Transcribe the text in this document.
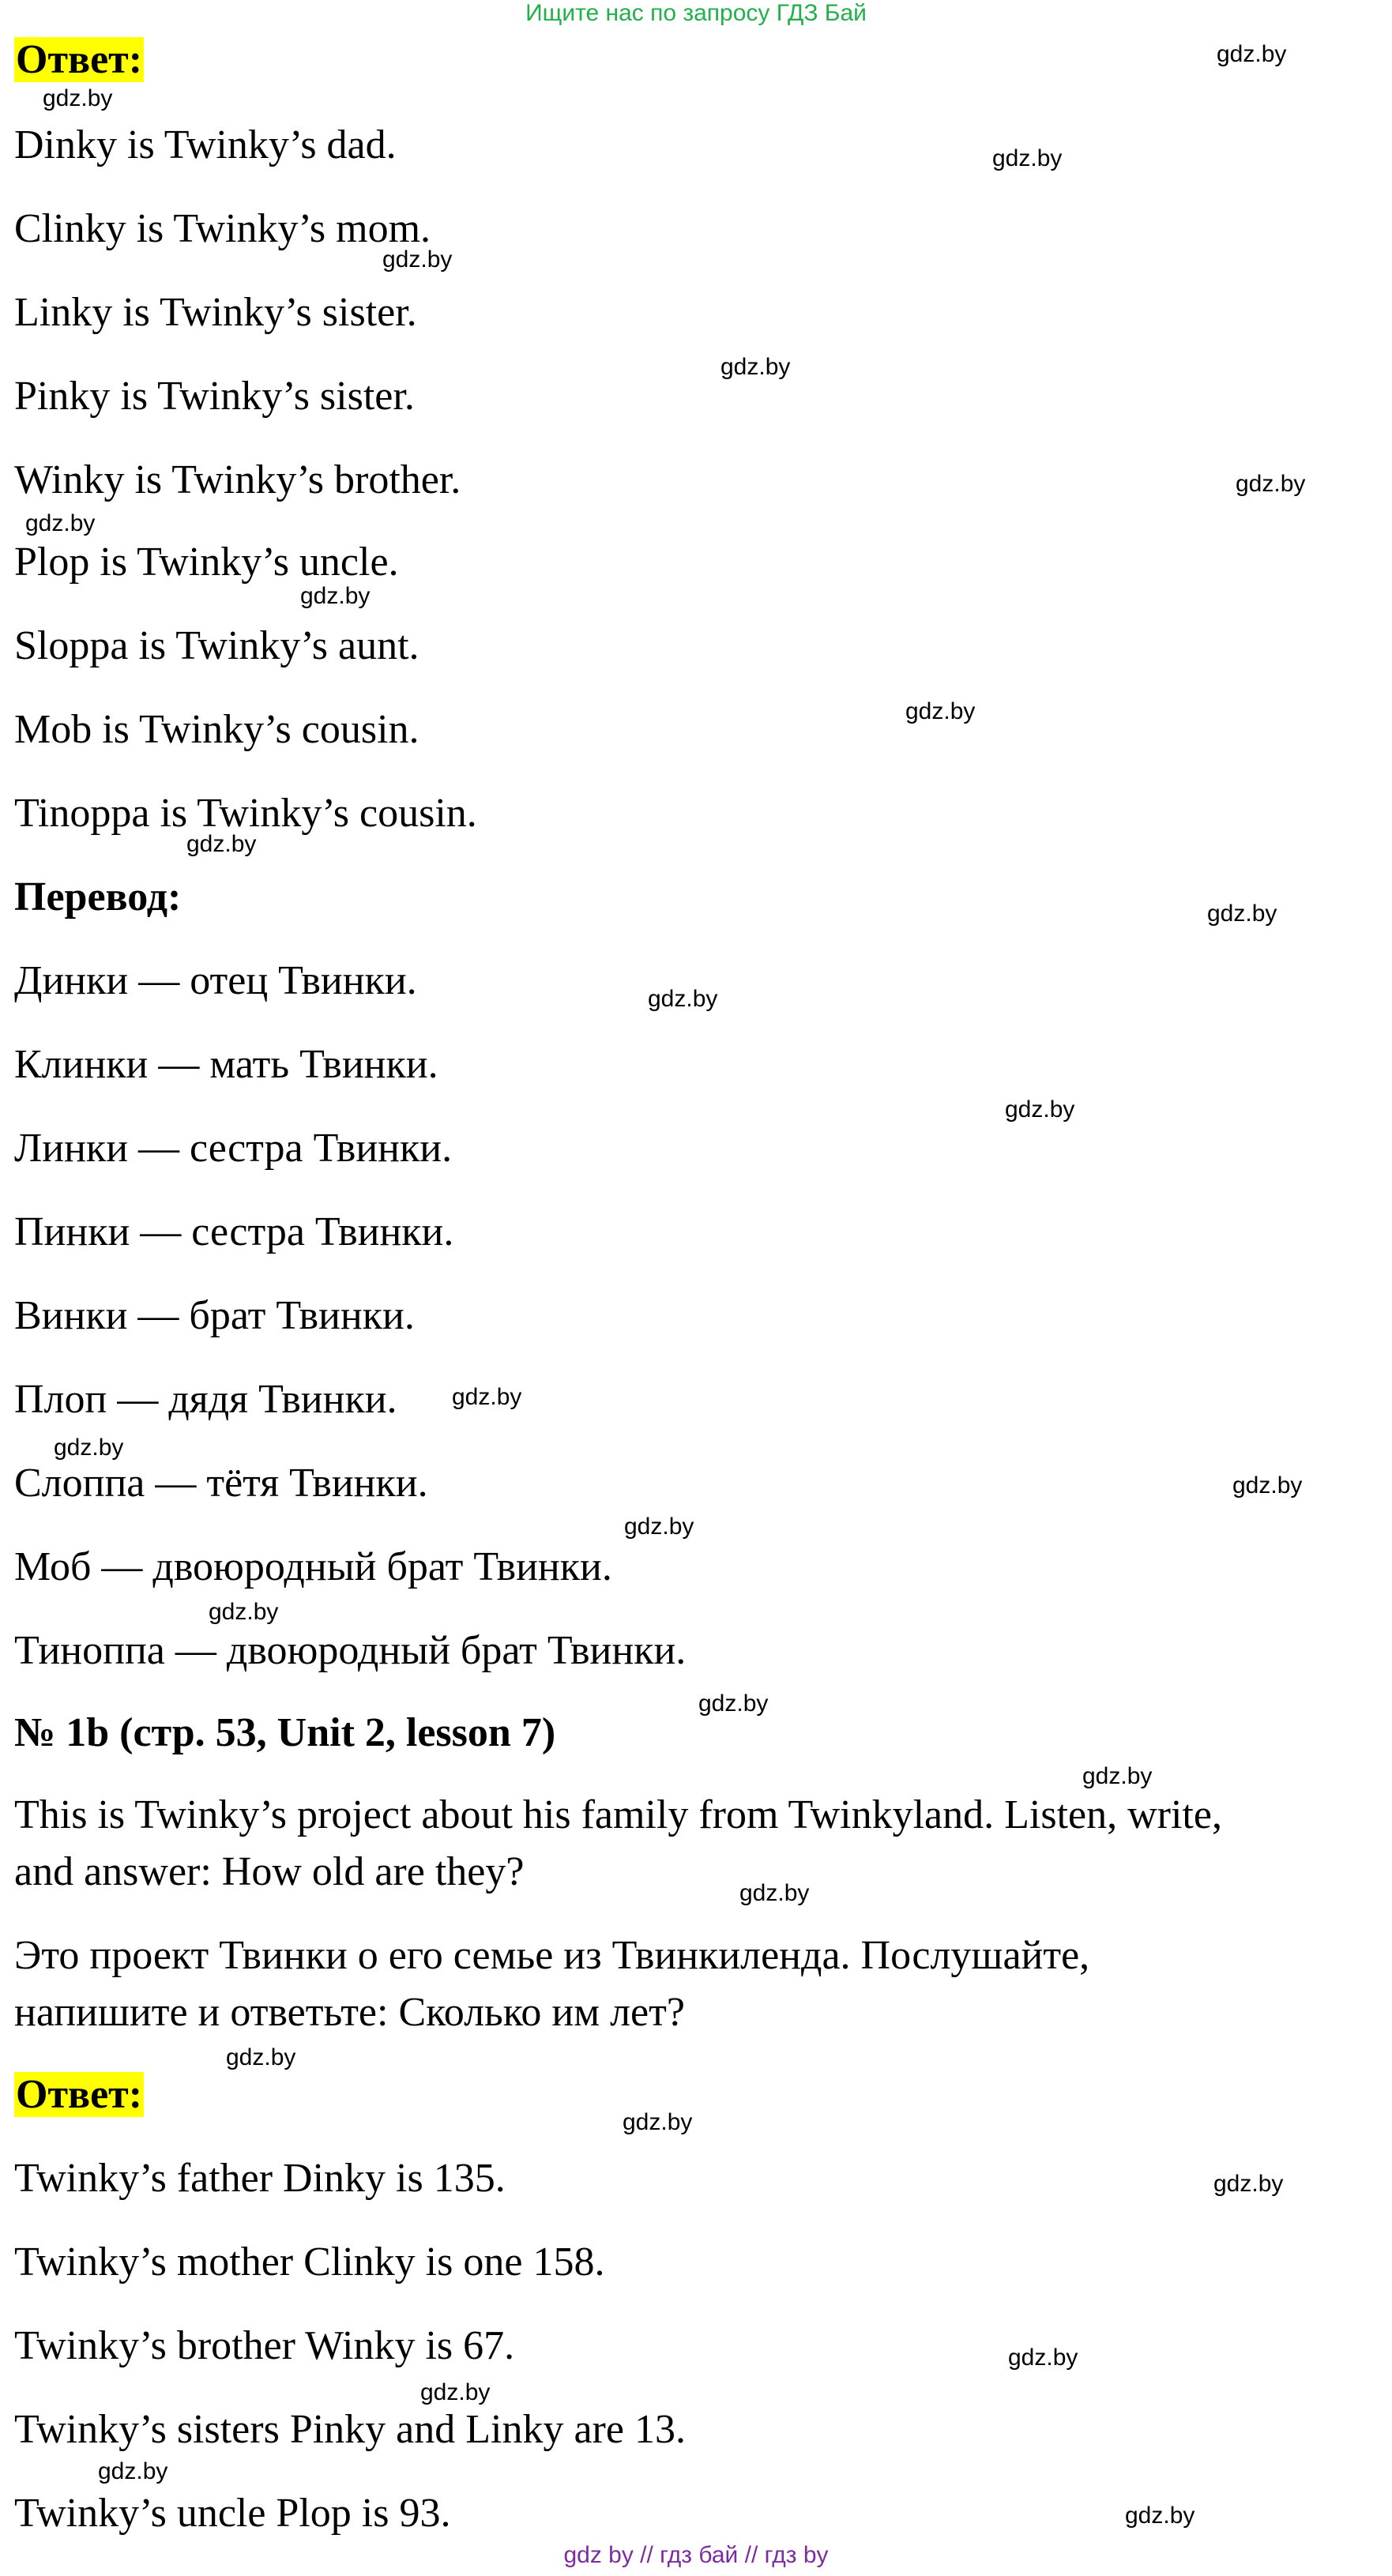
Ищите нас по запросу ГДЗ Бай
Ответ:
Dinky is Twinky’s dad.
Clinky is Twinky’s mom.
Linky is Twinky’s sister.
Pinky is Twinky’s sister.
Winky is Twinky’s brother.
Plop is Twinky’s uncle.
Sloppa is Twinky’s aunt.
Mob is Twinky’s cousin.
Tinoppa is Twinky’s cousin.
Перевод:
Динки — отец Твинки.
Клинки — мать Твинки.
Линки — сестра Твинки.
Пинки — сестра Твинки.
Винки — брат Твинки.
Плоп — дядя Твинки.
Слоппа — тётя Твинки.
Моб — двоюродный брат Твинки.
Тиноппа — двоюродный брат Твинки.
№ 1b (стр. 53, Unit 2, lesson 7)
This is Twinky’s project about his family from Twinkyland. Listen, write,
and answer: How old are they?
Это проект Твинки о его семье из Твинкиленда. Послушайте,
напишите и ответьте: Сколько им лет?
Ответ:
Twinky’s father Dinky is 135.
Twinky’s mother Clinky is one 158.
Twinky’s brother Winky is 67.
Twinky’s sisters Pinky and Linky are 13.
Twinky’s uncle Plop is 93.
gdz.by
gdz.by
gdz.by
gdz.by
gdz.by
gdz.by
gdz.by
gdz.by
gdz.by
gdz.by
gdz.by
gdz.by
gdz.by
gdz.by
gdz.by
gdz.by
gdz.by
gdz.by
gdz.by
gdz.by
gdz.by
gdz.by
gdz.by
gdz.by
gdz.by
gdz.by
gdz.by
gdz.by
gdz by // гдз бай // гдз by
